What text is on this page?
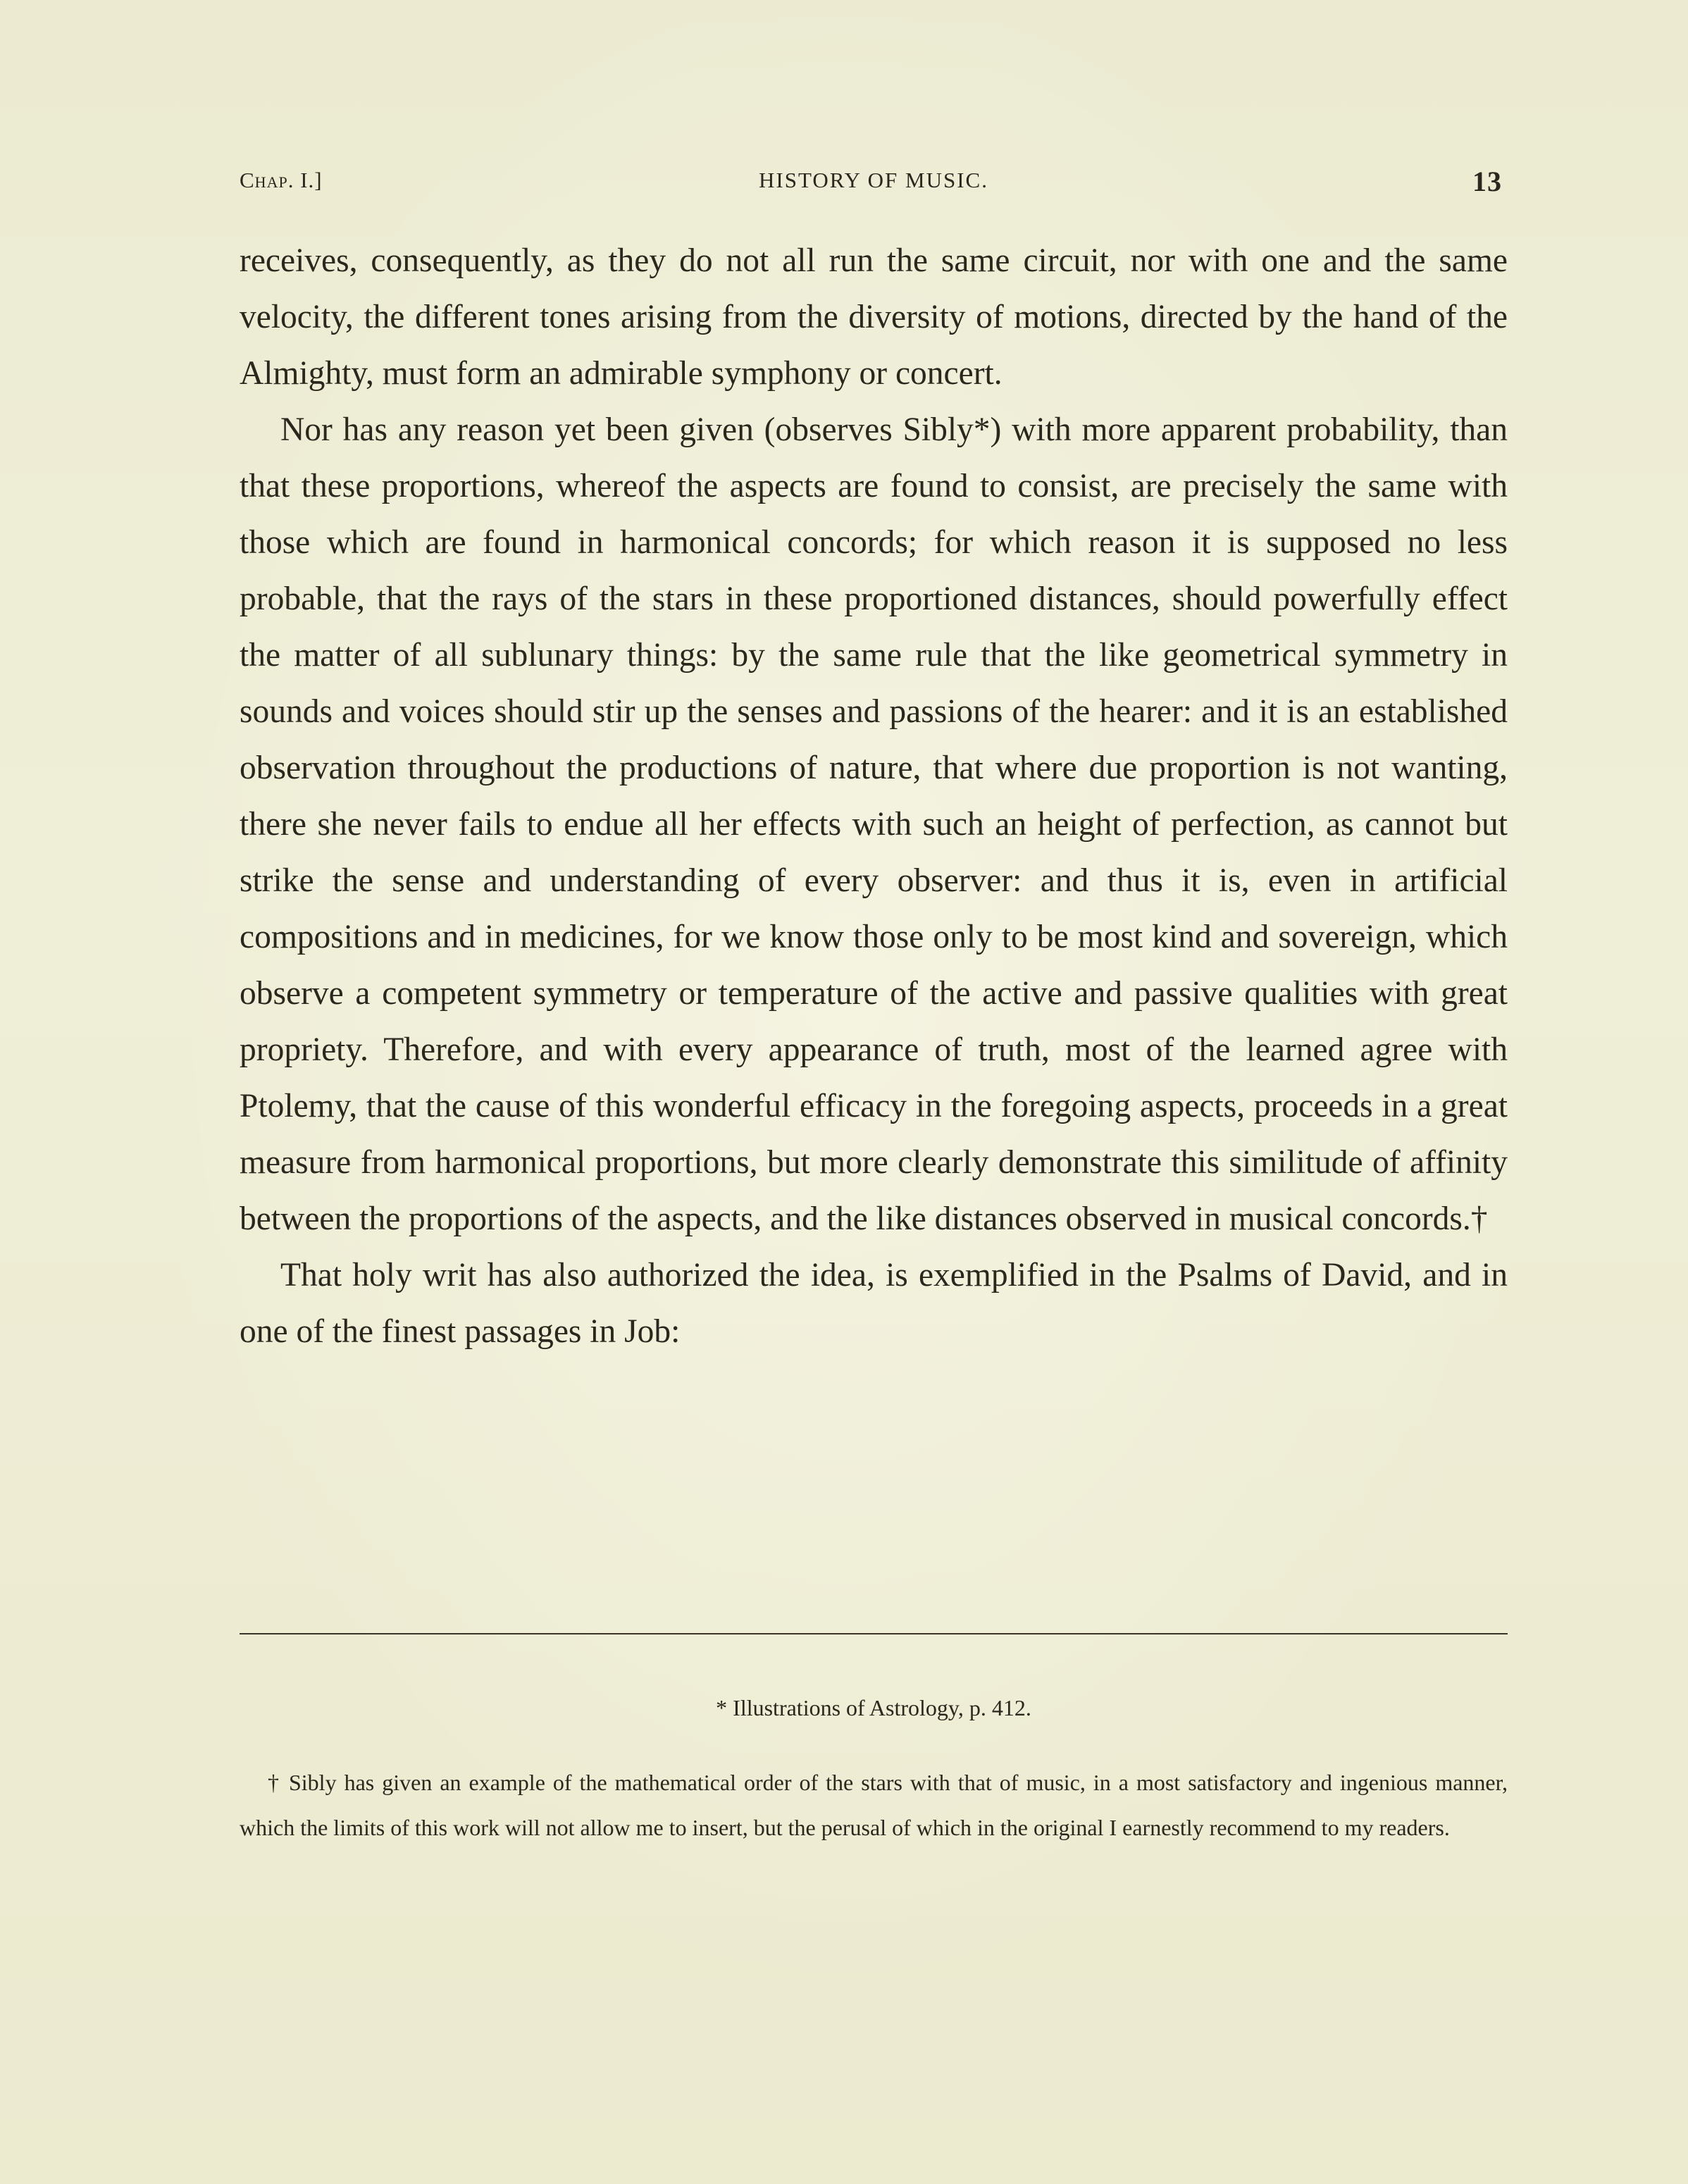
Chap. I.]	HISTORY OF MUSIC.	13

receives, consequently, as they do not all run the same circuit, nor with one and the same velocity, the different tones arising from the diversity of motions, directed by the hand of the Almighty, must form an admirable symphony or concert.

Nor has any reason yet been given (observes Sibly*) with more apparent probability, than that these proportions, whereof the aspects are found to consist, are precisely the same with those which are found in harmonical concords; for which reason it is supposed no less probable, that the rays of the stars in these proportioned distances, should powerfully effect the matter of all sublunary things: by the same rule that the like geometrical symmetry in sounds and voices should stir up the senses and passions of the hearer: and it is an established observation throughout the productions of nature, that where due proportion is not wanting, there she never fails to endue all her effects with such an height of perfection, as cannot but strike the sense and understanding of every observer: and thus it is, even in artificial compositions and in medicines, for we know those only to be most kind and sovereign, which observe a competent symmetry or temperature of the active and passive qualities with great propriety. Therefore, and with every appearance of truth, most of the learned agree with Ptolemy, that the cause of this wonderful efficacy in the foregoing aspects, proceeds in a great measure from harmonical proportions, but more clearly demonstrate this similitude of affinity between the proportions of the aspects, and the like distances observed in musical concords.†

That holy writ has also authorized the idea, is exemplified in the Psalms of David, and in one of the finest passages in Job:

* Illustrations of Astrology, p. 412.

† Sibly has given an example of the mathematical order of the stars with that of music, in a most satisfactory and ingenious manner, which the limits of this work will not allow me to insert, but the perusal of which in the original I earnestly recommend to my readers.
